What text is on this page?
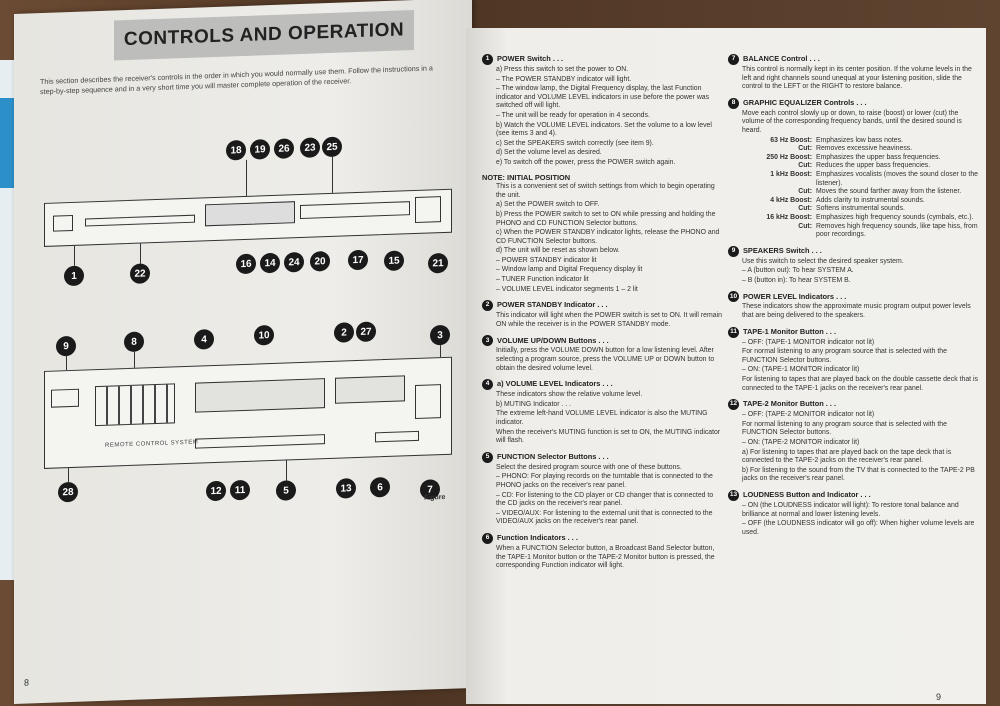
CONTROLS AND OPERATION
This section describes the receiver's controls in the order in which you would normally use them. Follow the instructions in a step-by-step sequence and in a very short time you will master complete operation of the receiver.
REMOTE CONTROL SYSTEM
18	19	26	23	25
1	22
16	14	24	20	17	15	21
9	8	4	10	2	27	3
28	12	11	5	13	6	7
Figure
8
1	POWER Switch . . .

a) Press this switch to set the power to ON.

– The POWER STANDBY indicator will light.

– The window lamp, the Digital Frequency display, the last Function indicator and VOLUME LEVEL indicators in use before the power was switched off will light.

– The unit will be ready for operation in 4 seconds.

b) Watch the VOLUME LEVEL indicators. Set the volume to a low level (see items 3 and 4).

c) Set the SPEAKERS switch correctly (see item 9).

d) Set the volume level as desired.

e) To switch off the power, press the POWER switch again.

NOTE: INITIAL POSITION

This is a convenient set of switch settings from which to begin operating the unit.

a) Set the POWER switch to OFF.

b) Press the POWER switch to set to ON while pressing and holding the PHONO and CD FUNCTION Selector buttons.

c) When the POWER STANDBY indicator lights, release the PHONO and CD FUNCTION Selector buttons.

d) The unit will be reset as shown below.

– POWER STANDBY indicator lit

– Window lamp and Digital Frequency display lit

– TUNER Function indicator lit

– VOLUME LEVEL indicator segments 1 – 2 lit

2	POWER STANDBY Indicator . . .

This indicator will light when the POWER switch is set to ON. It will remain ON while the receiver is in the POWER STANDBY mode.

3	VOLUME UP/DOWN Buttons . . .

Initially, press the VOLUME DOWN button for a low listening level. After selecting a program source, press the VOLUME UP or DOWN button to obtain the desired volume level.

4	a) VOLUME LEVEL Indicators . . .

These indicators show the relative volume level.

b) MUTING Indicator . . .

The extreme left-hand VOLUME LEVEL indicator is also the MUTING indicator.

When the receiver's MUTING function is set to ON, the MUTING indicator will flash.

5	FUNCTION Selector Buttons . . .

Select the desired program source with one of these buttons.

– PHONO: For playing records on the turntable that is connected to the PHONO jacks on the receiver's rear panel.

– CD: For listening to the CD player or CD changer that is connected to the CD jacks on the receiver's rear panel.

– VIDEO/AUX: For listening to the external unit that is connected to the VIDEO/AUX jacks on the receiver's rear panel.

6	Function Indicators . . .

When a FUNCTION Selector button, a Broadcast Band Selector button, the TAPE-1 Monitor button or the TAPE-2 Monitor button is pressed, the corresponding Function indicator will light.

7	BALANCE Control . . .

This control is normally kept in its center position. If the volume levels in the left and right channels sound unequal at your listening position, slide the control to the LEFT or the RIGHT to restore balance.

8	GRAPHIC EQUALIZER Controls . . .

Move each control slowly up or down, to raise (boost) or lower (cut) the volume of the corresponding frequency bands, until the desired sound is heard.

63 Hz Boost: Emphasizes low bass notes.
Cut: Removes excessive heaviness.
250 Hz Boost: Emphasizes the upper bass frequencies.
Cut: Reduces the upper bass frequencies.
1 kHz Boost: Emphasizes vocalists (moves the sound closer to the listener).
Cut: Moves the sound farther away from the listener.
4 kHz Boost: Adds clarity to instrumental sounds.
Cut: Softens instrumental sounds.
16 kHz Boost: Emphasizes high frequency sounds (cymbals, etc.).
Cut: Removes high frequency sounds, like tape hiss, from poor recordings.
9	SPEAKERS Switch . . .

Use this switch to select the desired speaker system.

– A (button out): To hear SYSTEM A.

– B (button in): To hear SYSTEM B.

10 POWER LEVEL Indicators . . .

These indicators show the approximate music program output power levels that are being delivered to the speakers.

11 TAPE-1 Monitor Button . . .

– OFF: (TAPE-1 MONITOR indicator not lit)

For normal listening to any program source that is selected with the FUNCTION Selector buttons.

– ON: (TAPE-1 MONITOR indicator lit)

For listening to tapes that are played back on the double cassette deck that is connected to the TAPE-1 jacks on the receiver's rear panel.

12 TAPE-2 Monitor Button . . .

– OFF: (TAPE-2 MONITOR indicator not lit)

For normal listening to any program source that is selected with the FUNCTION Selector buttons.

– ON: (TAPE-2 MONITOR indicator lit)

a) For listening to tapes that are played back on the tape deck that is connected to the TAPE-2 jacks on the receiver's rear panel.

b) For listening to the sound from the TV that is connected to the TAPE-2 PB jacks on the receiver's rear panel.

13 LOUDNESS Button and Indicator . . .

– ON (the LOUDNESS indicator will light): To restore tonal balance and brilliance at normal and lower listening levels.

– OFF (the LOUDNESS indicator will go off): When higher volume levels are used.

9
